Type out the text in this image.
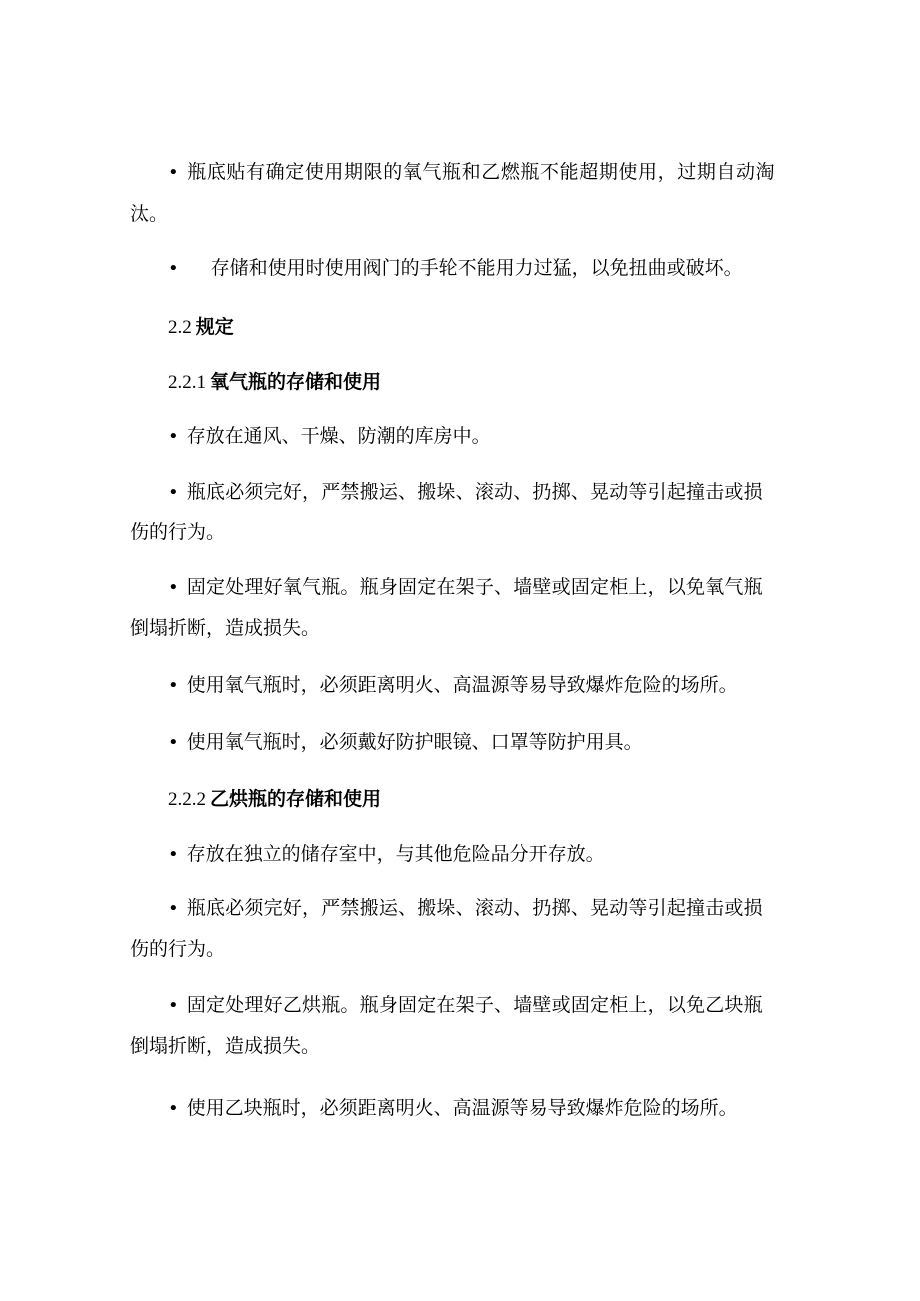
• 瓶底贴有确定使用期限的氧气瓶和乙燃瓶不能超期使用，过期自动淘
汰。
• 存储和使用时使用阀门的手轮不能用力过猛，以免扭曲或破坏。
2.2 规定
2.2.1 氧气瓶的存储和使用
• 存放在通风、干燥、防潮的库房中。
• 瓶底必须完好，严禁搬运、搬垛、滚动、扔掷、晃动等引起撞击或损
伤的行为。
• 固定处理好氧气瓶。瓶身固定在架子、墙壁或固定柜上，以免氧气瓶
倒塌折断，造成损失。
• 使用氧气瓶时，必须距离明火、高温源等易导致爆炸危险的场所。
• 使用氧气瓶时，必须戴好防护眼镜、口罩等防护用具。
2.2.2 乙烘瓶的存储和使用
• 存放在独立的储存室中，与其他危险品分开存放。
• 瓶底必须完好，严禁搬运、搬垛、滚动、扔掷、晃动等引起撞击或损
伤的行为。
• 固定处理好乙烘瓶。瓶身固定在架子、墙壁或固定柜上，以免乙块瓶
倒塌折断，造成损失。
• 使用乙块瓶时，必须距离明火、高温源等易导致爆炸危险的场所。
